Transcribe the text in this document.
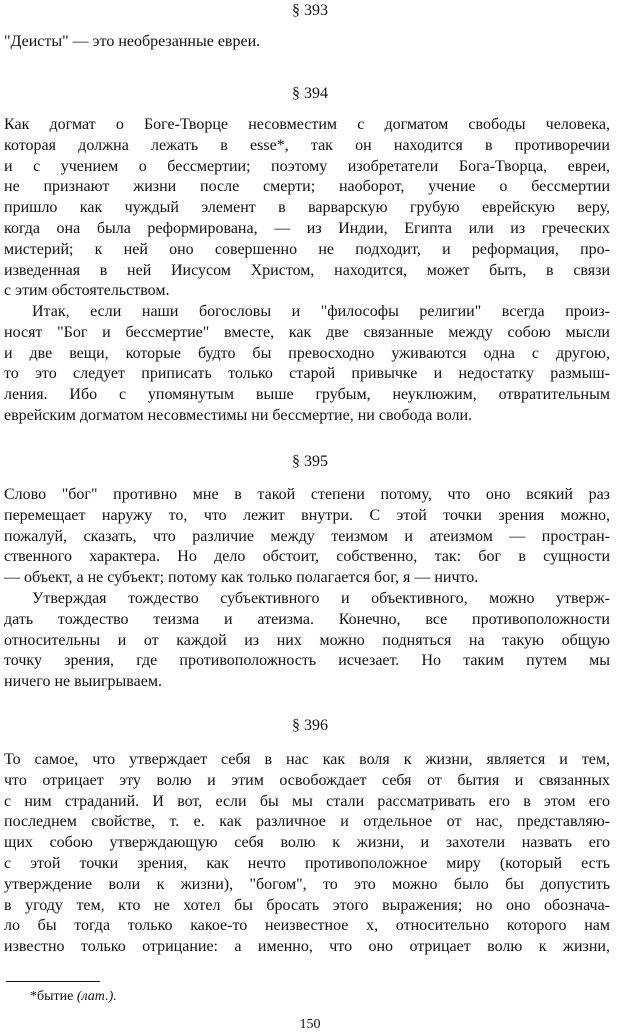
§ 393

"Деисты" — это необрезанные евреи.

§ 394

Как догмат о Боге-Творце несовместим с догматом свободы человека,
которая должна лежать в esse*, так он находится в противоречии
и с учением о бессмертии; поэтому изобретатели Бога-Творца, евреи,
не признают жизни после смерти; наоборот, учение о бессмертии
пришло как чуждый элемент в варварскую грубую еврейскую веру,
когда она была реформирована, — из Индии, Египта или из греческих
мистерий; к ней оно совершенно не подходит, и реформация, про-
изведенная в ней Иисусом Христом, находится, может быть, в связи
с этим обстоятельством.

Итак, если наши богословы и "философы религии" всегда произ-
носят "Бог и бессмертие" вместе, как две связанные между собою мысли
и две вещи, которые будто бы превосходно уживаются одна с другою,
то это следует приписать только старой привычке и недостатку размыш-
ления. Ибо с упомянутым выше грубым, неуклюжим, отвратительным
еврейским догматом несовместимы ни бессмертие, ни свобода воли.

§ 395

Слово "бог" противно мне в такой степени потому, что оно всякий раз
перемещает наружу то, что лежит внутри. С этой точки зрения можно,
пожалуй, сказать, что различие между теизмом и атеизмом — простран-
ственного характера. Но дело обстоит, собственно, так: бог в сущности
— объект, а не субъект; потому как только полагается бог, я — ничто.

Утверждая тождество субъективного и объективного, можно утверж-
дать тождество теизма и атеизма. Конечно, все противоположности
относительны и от каждой из них можно подняться на такую общую
точку зрения, где противоположность исчезает. Но таким путем мы
ничего не выигрываем.

§ 396

То самое, что утверждает себя в нас как воля к жизни, является и тем,
что отрицает эту волю и этим освобождает себя от бытия и связанных
с ним страданий. И вот, если бы мы стали рассматривать его в этом его
последнем свойстве, т. е. как различное и отдельное от нас, представляю-
щих собою утверждающую себя волю к жизни, и захотели назвать его
с этой точки зрения, как нечто противоположное миру (который есть
утверждение воли к жизни), "богом", то это можно было бы допустить
в угоду тем, кто не хотел бы бросать этого выражения; но оно обознача-
ло бы тогда только какое-то неизвестное x, относительно которого нам
известно только отрицание: а именно, что оно отрицает волю к жизни,

*бытие (лат.).

150
